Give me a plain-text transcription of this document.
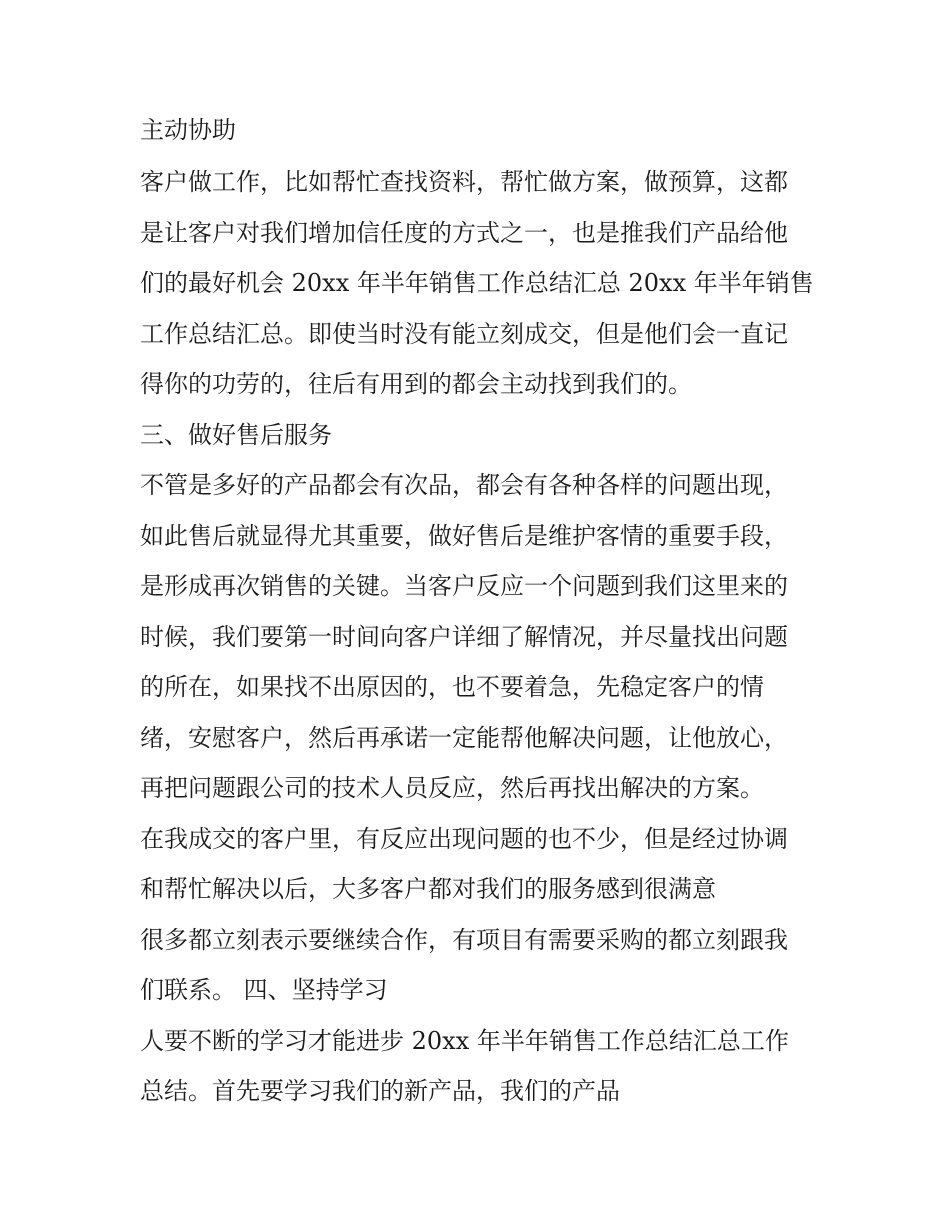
主动协助

客户做工作，比如帮忙查找资料，帮忙做方案，做预算，这都

是让客户对我们增加信任度的方式之一，也是推我们产品给他

们的最好机会 20xx 年半年销售工作总结汇总 20xx 年半年销售

工作总结汇总。即使当时没有能立刻成交，但是他们会一直记

得你的功劳的，往后有用到的都会主动找到我们的。

三、做好售后服务

不管是多好的产品都会有次品，都会有各种各样的问题出现，

如此售后就显得尤其重要，做好售后是维护客情的重要手段，

是形成再次销售的关键。当客户反应一个问题到我们这里来的

时候，我们要第一时间向客户详细了解情况，并尽量找出问题

的所在，如果找不出原因的，也不要着急，先稳定客户的情

绪，安慰客户，然后再承诺一定能帮他解决问题，让他放心，

再把问题跟公司的技术人员反应，然后再找出解决的方案。

在我成交的客户里，有反应出现问题的也不少，但是经过协调

和帮忙解决以后，大多客户都对我们的服务感到很满意

很多都立刻表示要继续合作，有项目有需要采购的都立刻跟我

们联系。 四、坚持学习

人要不断的学习才能进步 20xx 年半年销售工作总结汇总工作

总结。首先要学习我们的新产品，我们的产品
